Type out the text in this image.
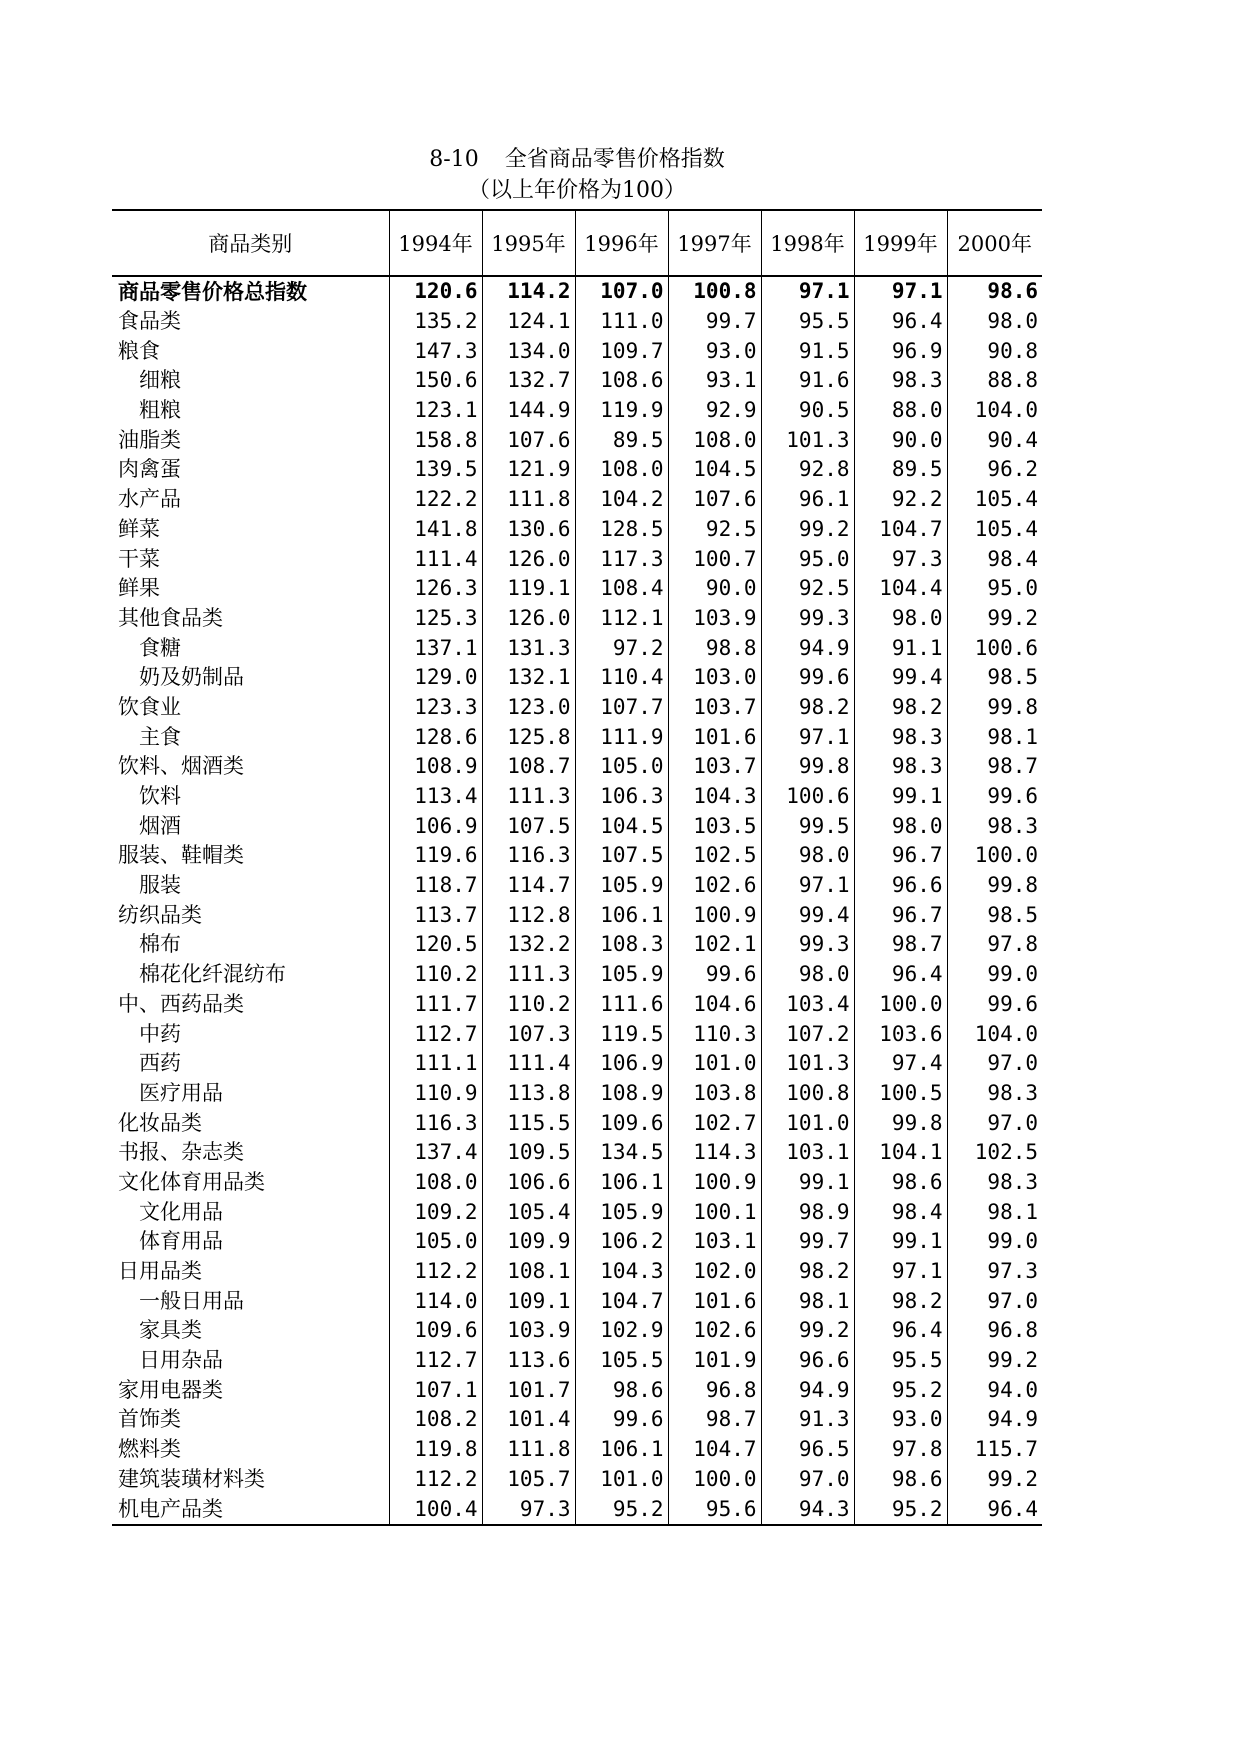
8-10 全省商品零售价格指数
（以上年价格为100）
商品类别	1994年	1995年	1996年	1997年	1998年	1999年	2000年
商品零售价格总指数	120.6	114.2	107.0	100.8	97.1	97.1	98.6
食品类	135.2	124.1	111.0	99.7	95.5	96.4	98.0
粮食	147.3	134.0	109.7	93.0	91.5	96.9	90.8
细粮	150.6	132.7	108.6	93.1	91.6	98.3	88.8
粗粮	123.1	144.9	119.9	92.9	90.5	88.0	104.0
油脂类	158.8	107.6	89.5	108.0	101.3	90.0	90.4
肉禽蛋	139.5	121.9	108.0	104.5	92.8	89.5	96.2
水产品	122.2	111.8	104.2	107.6	96.1	92.2	105.4
鲜菜	141.8	130.6	128.5	92.5	99.2	104.7	105.4
干菜	111.4	126.0	117.3	100.7	95.0	97.3	98.4
鲜果	126.3	119.1	108.4	90.0	92.5	104.4	95.0
其他食品类	125.3	126.0	112.1	103.9	99.3	98.0	99.2
食糖	137.1	131.3	97.2	98.8	94.9	91.1	100.6
奶及奶制品	129.0	132.1	110.4	103.0	99.6	99.4	98.5
饮食业	123.3	123.0	107.7	103.7	98.2	98.2	99.8
主食	128.6	125.8	111.9	101.6	97.1	98.3	98.1
饮料、烟酒类	108.9	108.7	105.0	103.7	99.8	98.3	98.7
饮料	113.4	111.3	106.3	104.3	100.6	99.1	99.6
烟酒	106.9	107.5	104.5	103.5	99.5	98.0	98.3
服装、鞋帽类	119.6	116.3	107.5	102.5	98.0	96.7	100.0
服装	118.7	114.7	105.9	102.6	97.1	96.6	99.8
纺织品类	113.7	112.8	106.1	100.9	99.4	96.7	98.5
棉布	120.5	132.2	108.3	102.1	99.3	98.7	97.8
棉花化纤混纺布	110.2	111.3	105.9	99.6	98.0	96.4	99.0
中、西药品类	111.7	110.2	111.6	104.6	103.4	100.0	99.6
中药	112.7	107.3	119.5	110.3	107.2	103.6	104.0
西药	111.1	111.4	106.9	101.0	101.3	97.4	97.0
医疗用品	110.9	113.8	108.9	103.8	100.8	100.5	98.3
化妆品类	116.3	115.5	109.6	102.7	101.0	99.8	97.0
书报、杂志类	137.4	109.5	134.5	114.3	103.1	104.1	102.5
文化体育用品类	108.0	106.6	106.1	100.9	99.1	98.6	98.3
文化用品	109.2	105.4	105.9	100.1	98.9	98.4	98.1
体育用品	105.0	109.9	106.2	103.1	99.7	99.1	99.0
日用品类	112.2	108.1	104.3	102.0	98.2	97.1	97.3
一般日用品	114.0	109.1	104.7	101.6	98.1	98.2	97.0
家具类	109.6	103.9	102.9	102.6	99.2	96.4	96.8
日用杂品	112.7	113.6	105.5	101.9	96.6	95.5	99.2
家用电器类	107.1	101.7	98.6	96.8	94.9	95.2	94.0
首饰类	108.2	101.4	99.6	98.7	91.3	93.0	94.9
燃料类	119.8	111.8	106.1	104.7	96.5	97.8	115.7
建筑装璜材料类	112.2	105.7	101.0	100.0	97.0	98.6	99.2
机电产品类	100.4	97.3	95.2	95.6	94.3	95.2	96.4
